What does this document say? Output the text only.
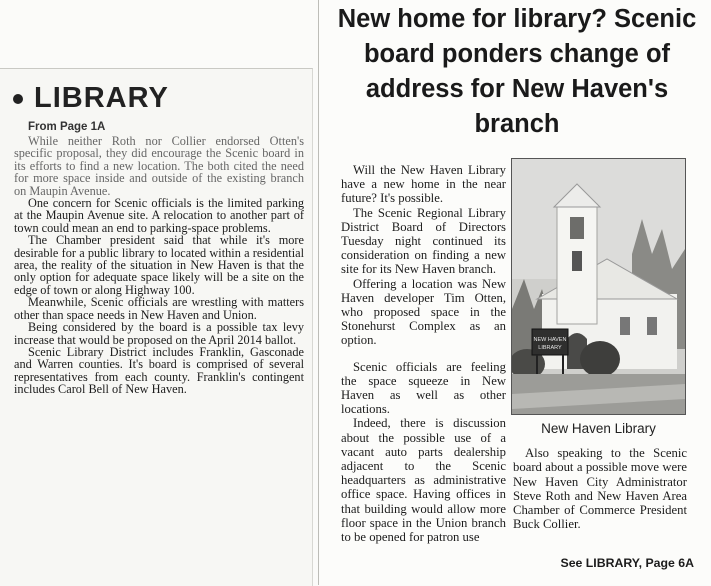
LIBRARY
From Page 1A

While neither Roth nor Collier endorsed Otten's specific proposal, they did encourage the Scenic board in its efforts to find a new location. The both cited the need for more space inside and outside of the existing branch on Maupin Avenue.

One concern for Scenic officials is the limited parking at the Maupin Avenue site. A relocation to another part of town could mean an end to parking-space problems.

The Chamber president said that while it's more desirable for a public library to located within a residential area, the reality of the situation in New Haven is that the only option for adequate space likely will be a site on the edge of town or along Highway 100.

Meanwhile, Scenic officials are wrestling with matters other than space needs in New Haven and Union.

Being considered by the board is a possible tax levy increase that would be proposed on the April 2014 ballot.

Scenic Library District includes Franklin, Gasconade and Warren counties. It's board is comprised of several representatives from each county. Franklin's contingent includes Carol Bell of New Haven.

New home for library? Scenic board ponders change of address for New Haven's branch

Will the New Haven Library have a new home in the near future? It's possible.

The Scenic Regional Library District Board of Directors Tuesday night continued its consideration on finding a new site for its New Haven branch.

Offering a location was New Haven developer Tim Otten, who proposed space in the Stonehurst Complex as an option.

Scenic officials are feeling the space squeeze in New Haven as well as other locations.

Indeed, there is discussion about the possible use of a vacant auto parts dealership adjacent to the Scenic headquarters as administrative office space. Having offices in that building would allow more floor space in the Union branch to be opened for patron use

NEW HAVEN
LIBRARY
New Haven Library

Also speaking to the Scenic board about a possible move were New Haven City Administrator Steve Roth and New Haven Area Chamber of Commerce President Buck Collier.

See LIBRARY, Page 6A
